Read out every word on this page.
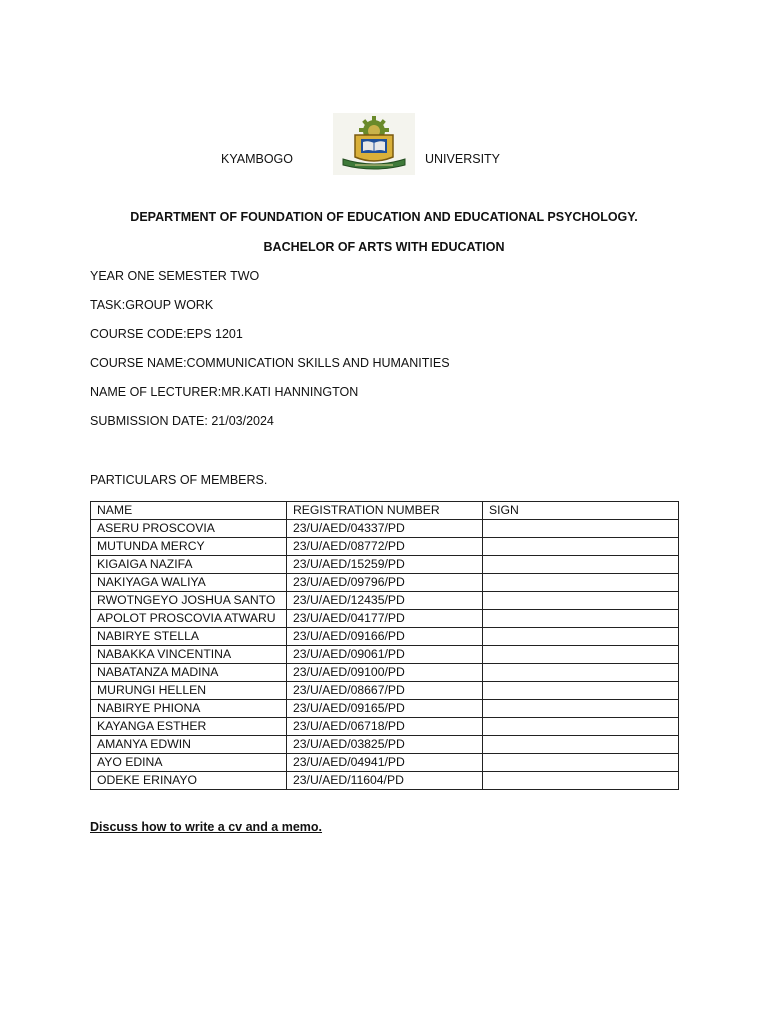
KYAMBOGO	UNIVERSITY
DEPARTMENT OF FOUNDATION OF EDUCATION AND EDUCATIONAL PSYCHOLOGY.
BACHELOR OF ARTS WITH EDUCATION
YEAR ONE SEMESTER TWO
TASK:GROUP WORK
COURSE CODE:EPS 1201
COURSE NAME:COMMUNICATION SKILLS AND HUMANITIES
NAME OF LECTURER:MR.KATI HANNINGTON
SUBMISSION DATE: 21/03/2024
PARTICULARS OF MEMBERS.
NAME	REGISTRATION NUMBER	SIGN
ASERU PROSCOVIA	23/U/AED/04337/PD	
MUTUNDA MERCY	23/U/AED/08772/PD	
KIGAIGA NAZIFA	23/U/AED/15259/PD	
NAKIYAGA WALIYA	23/U/AED/09796/PD	
RWOTNGEYO JOSHUA SANTO	23/U/AED/12435/PD	
APOLOT PROSCOVIA ATWARU	23/U/AED/04177/PD	
NABIRYE STELLA	23/U/AED/09166/PD	
NABAKKA VINCENTINA	23/U/AED/09061/PD	
NABATANZA MADINA	23/U/AED/09100/PD	
MURUNGI HELLEN	23/U/AED/08667/PD	
NABIRYE PHIONA	23/U/AED/09165/PD	
KAYANGA ESTHER	23/U/AED/06718/PD	
AMANYA EDWIN	23/U/AED/03825/PD	
AYO EDINA	23/U/AED/04941/PD	
ODEKE ERINAYO	23/U/AED/11604/PD	
Discuss how to write a cv and a memo.
